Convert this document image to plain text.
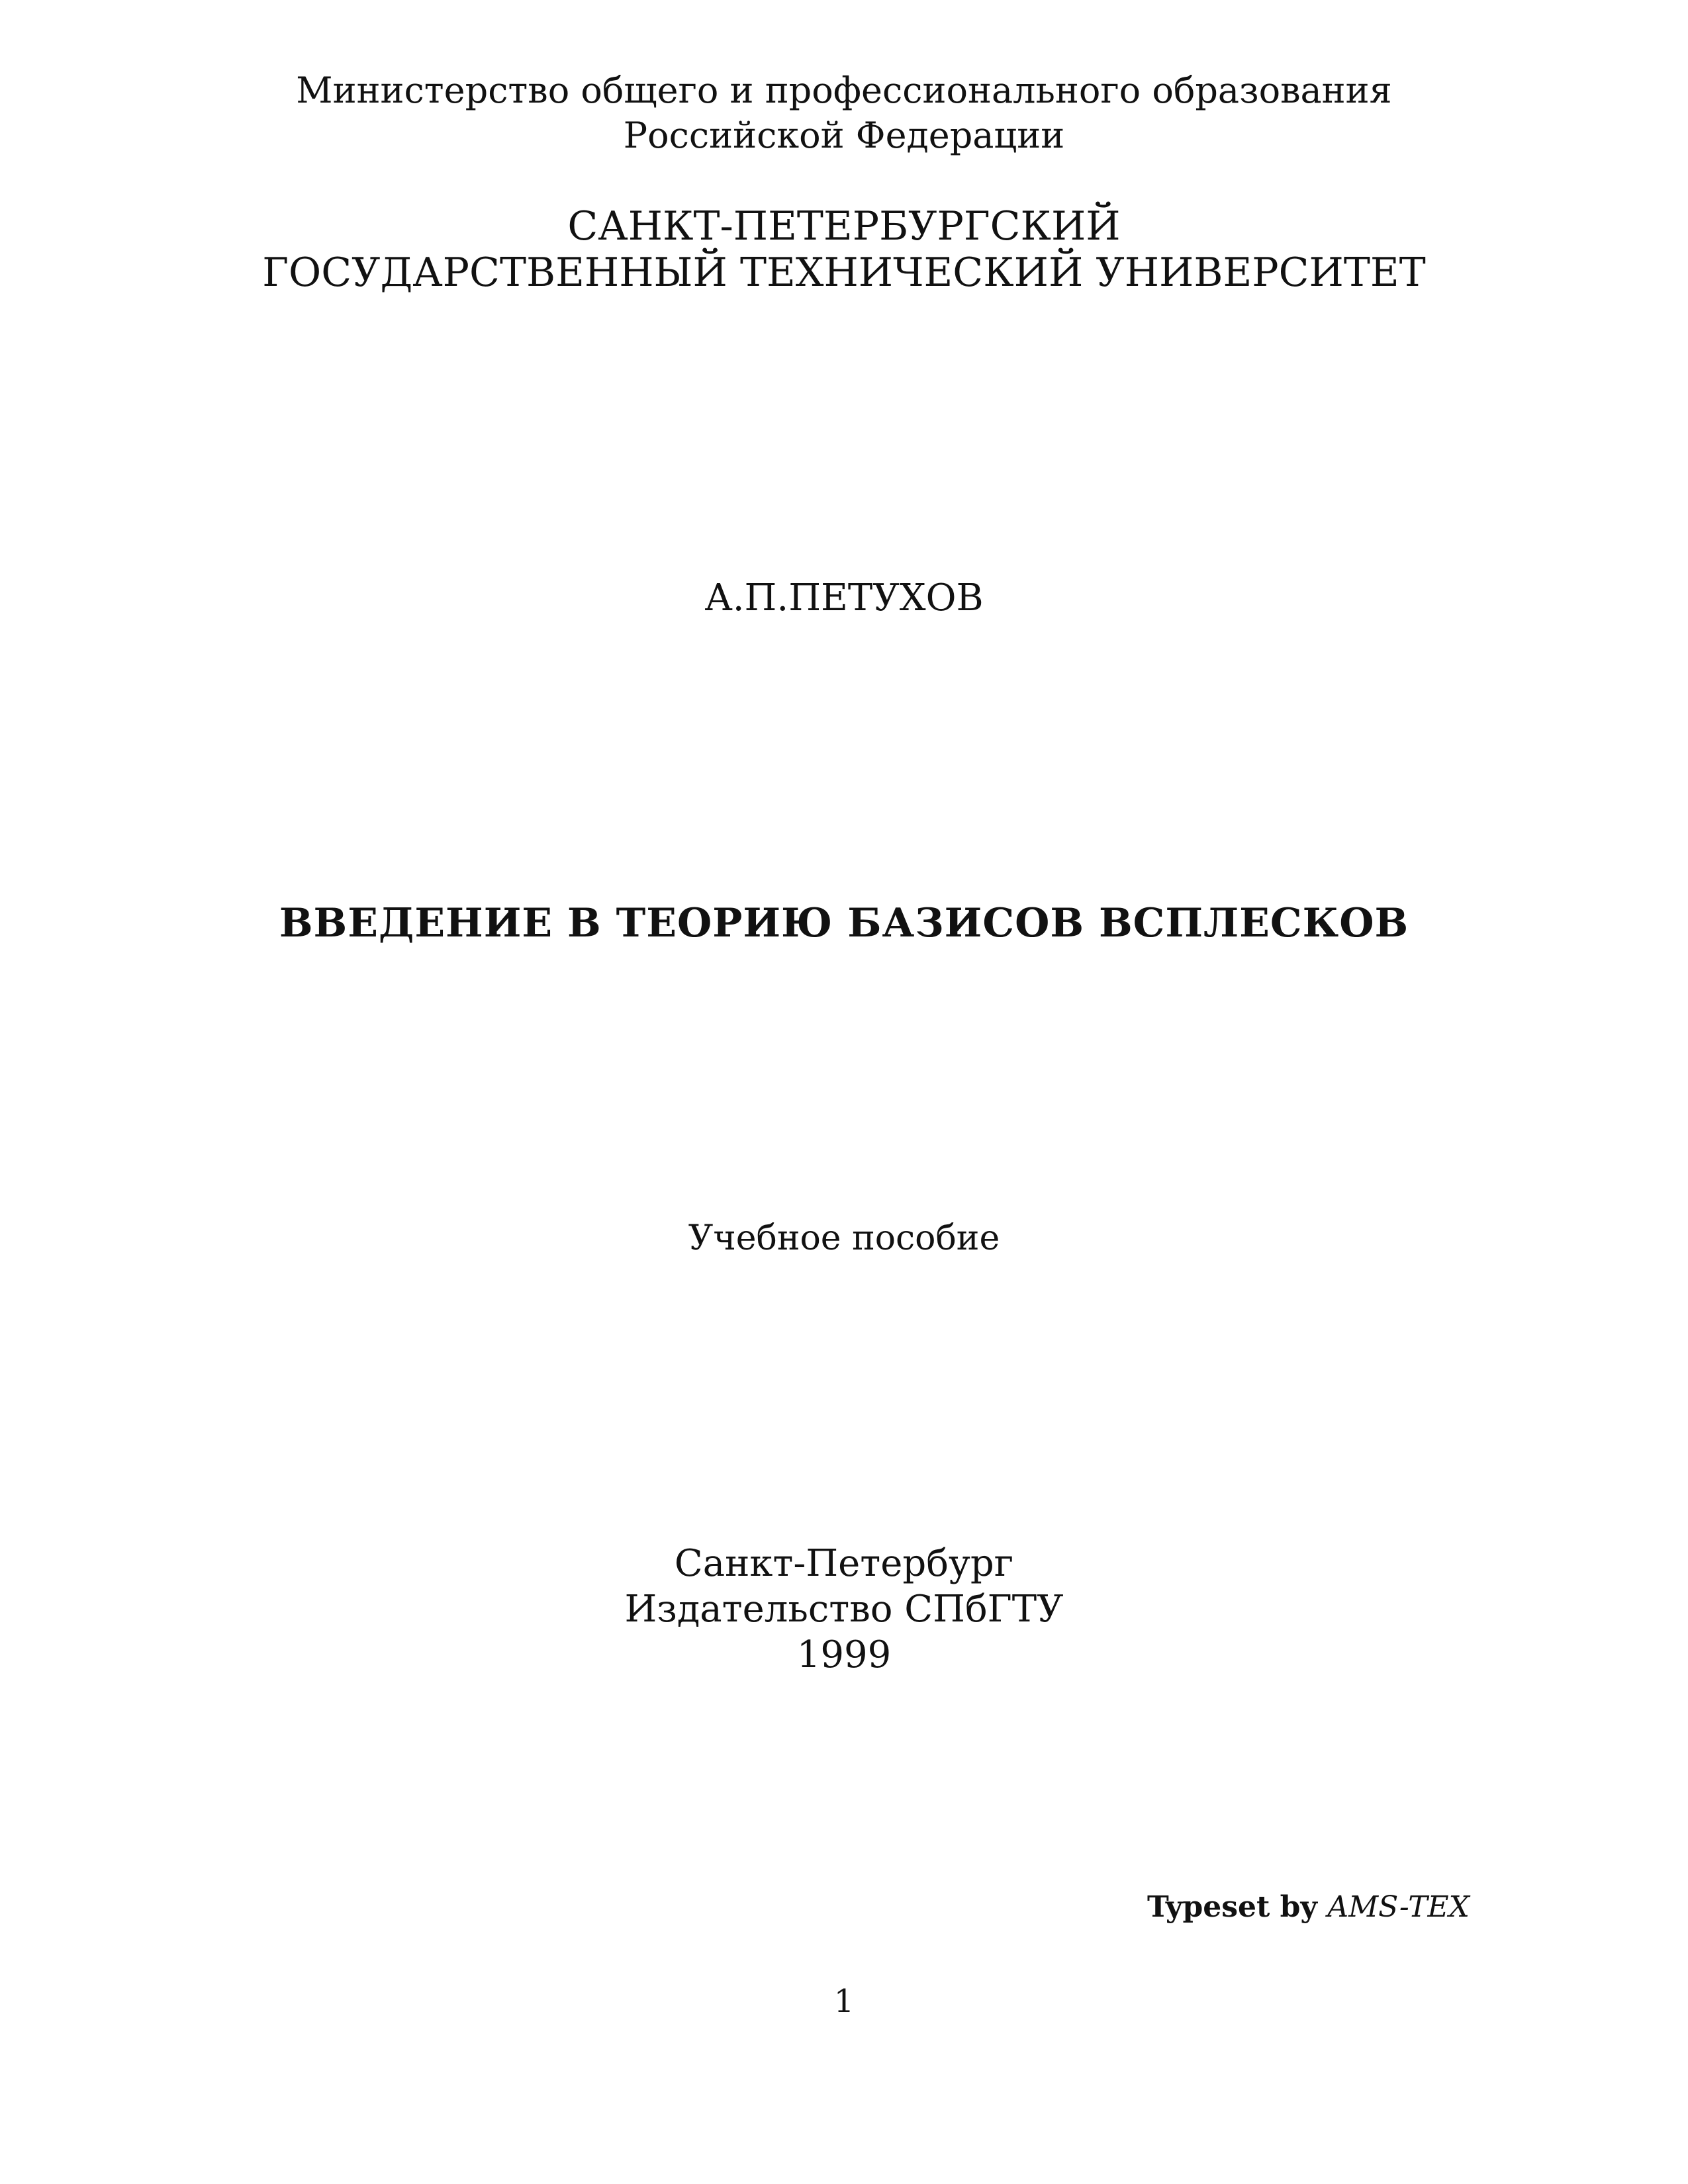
Министерство общего и профессионального образования
Российской Федерации
САНКТ-ПЕТЕРБУРГСКИЙ
ГОСУДАРСТВЕННЫЙ ТЕХНИЧЕСКИЙ УНИВЕРСИТЕТ
А.П.ПЕТУХОВ
ВВЕДЕНИЕ В ТЕОРИЮ БАЗИСОВ ВСПЛЕСКОВ
Учебное пособие
Санкт-Петербург
Издательство СПбГТУ
1999
Typeset by AMS-TEX
1
